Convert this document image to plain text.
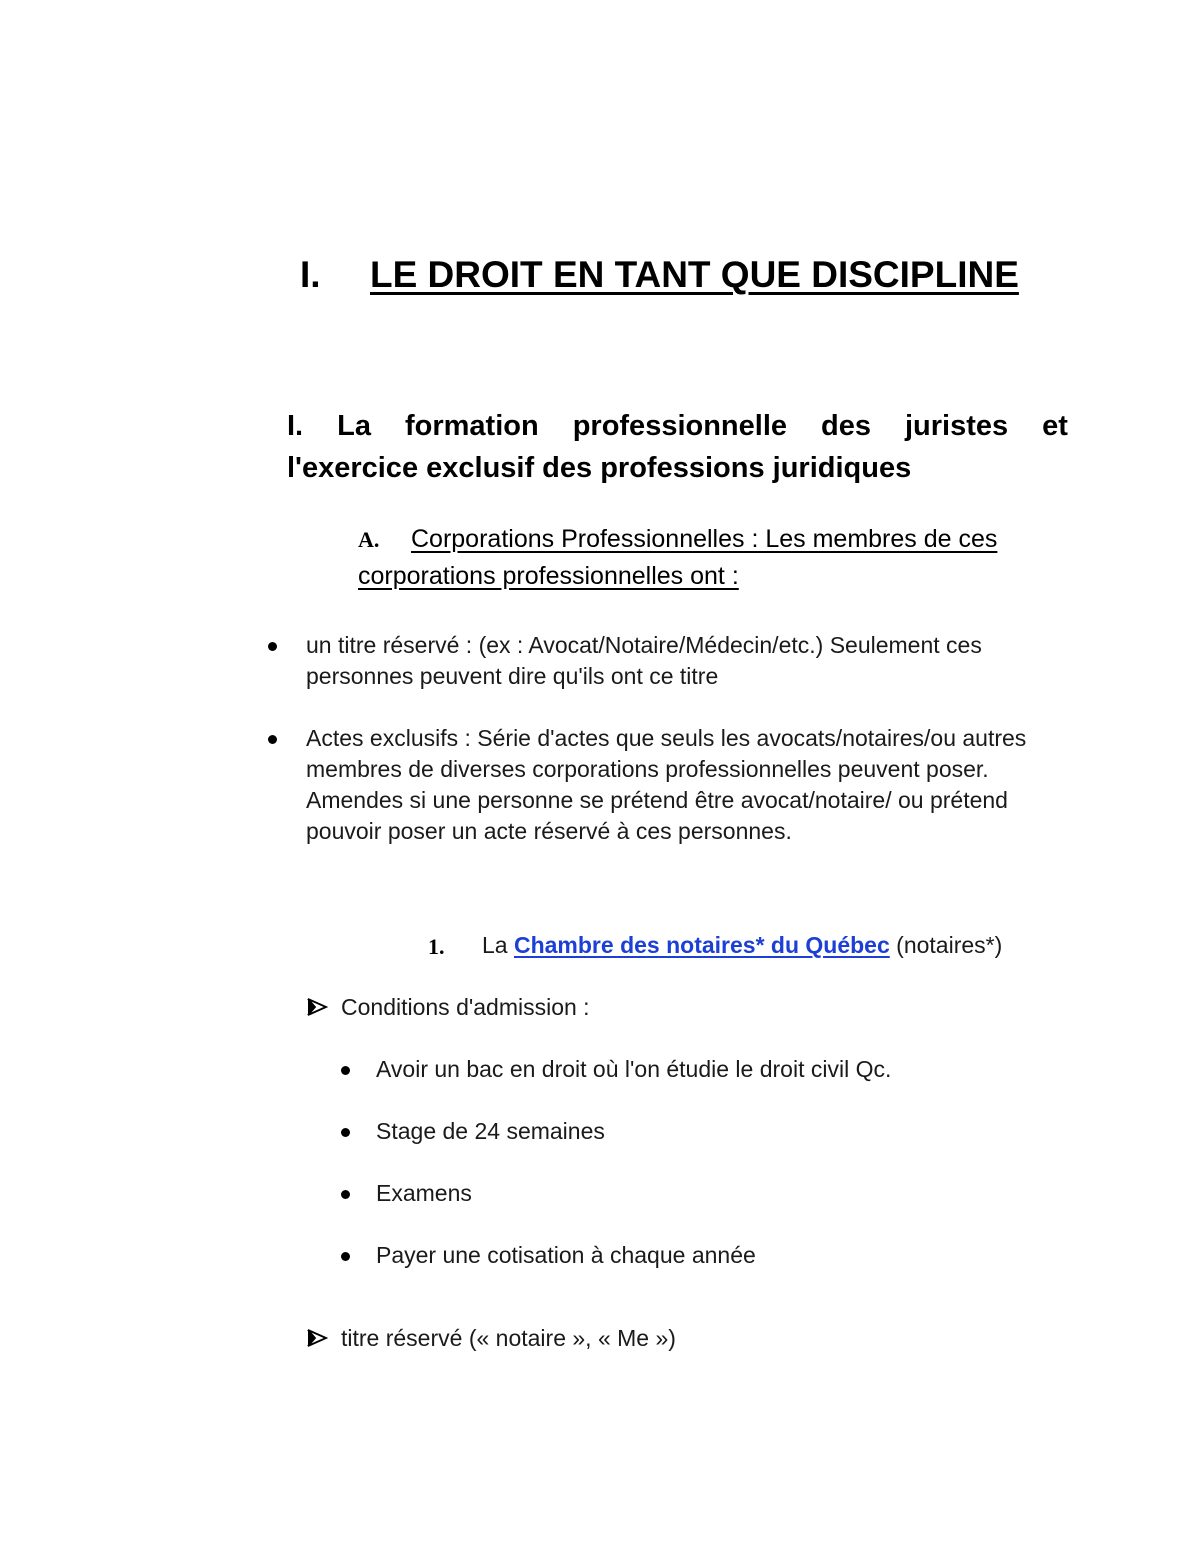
I. LE DROIT EN TANT QUE DISCIPLINE
I. La formation professionnelle des juristes et
l'exercice exclusif des professions juridiques
A. Corporations Professionnelles : Les membres de ces
corporations professionnelles ont :
un titre réservé : (ex : Avocat/Notaire/Médecin/etc.) Seulement ces
personnes peuvent dire qu'ils ont ce titre
Actes exclusifs : Série d'actes que seuls les avocats/notaires/ou autres
membres de diverses corporations professionnelles peuvent poser.
Amendes si une personne se prétend être avocat/notaire/ ou prétend
pouvoir poser un acte réservé à ces personnes.
1. La Chambre des notaires* du Québec (notaires*)
Conditions d'admission :
Avoir un bac en droit où l'on étudie le droit civil Qc.
Stage de 24 semaines
Examens
Payer une cotisation à chaque année
titre réservé (« notaire », « Me »)
